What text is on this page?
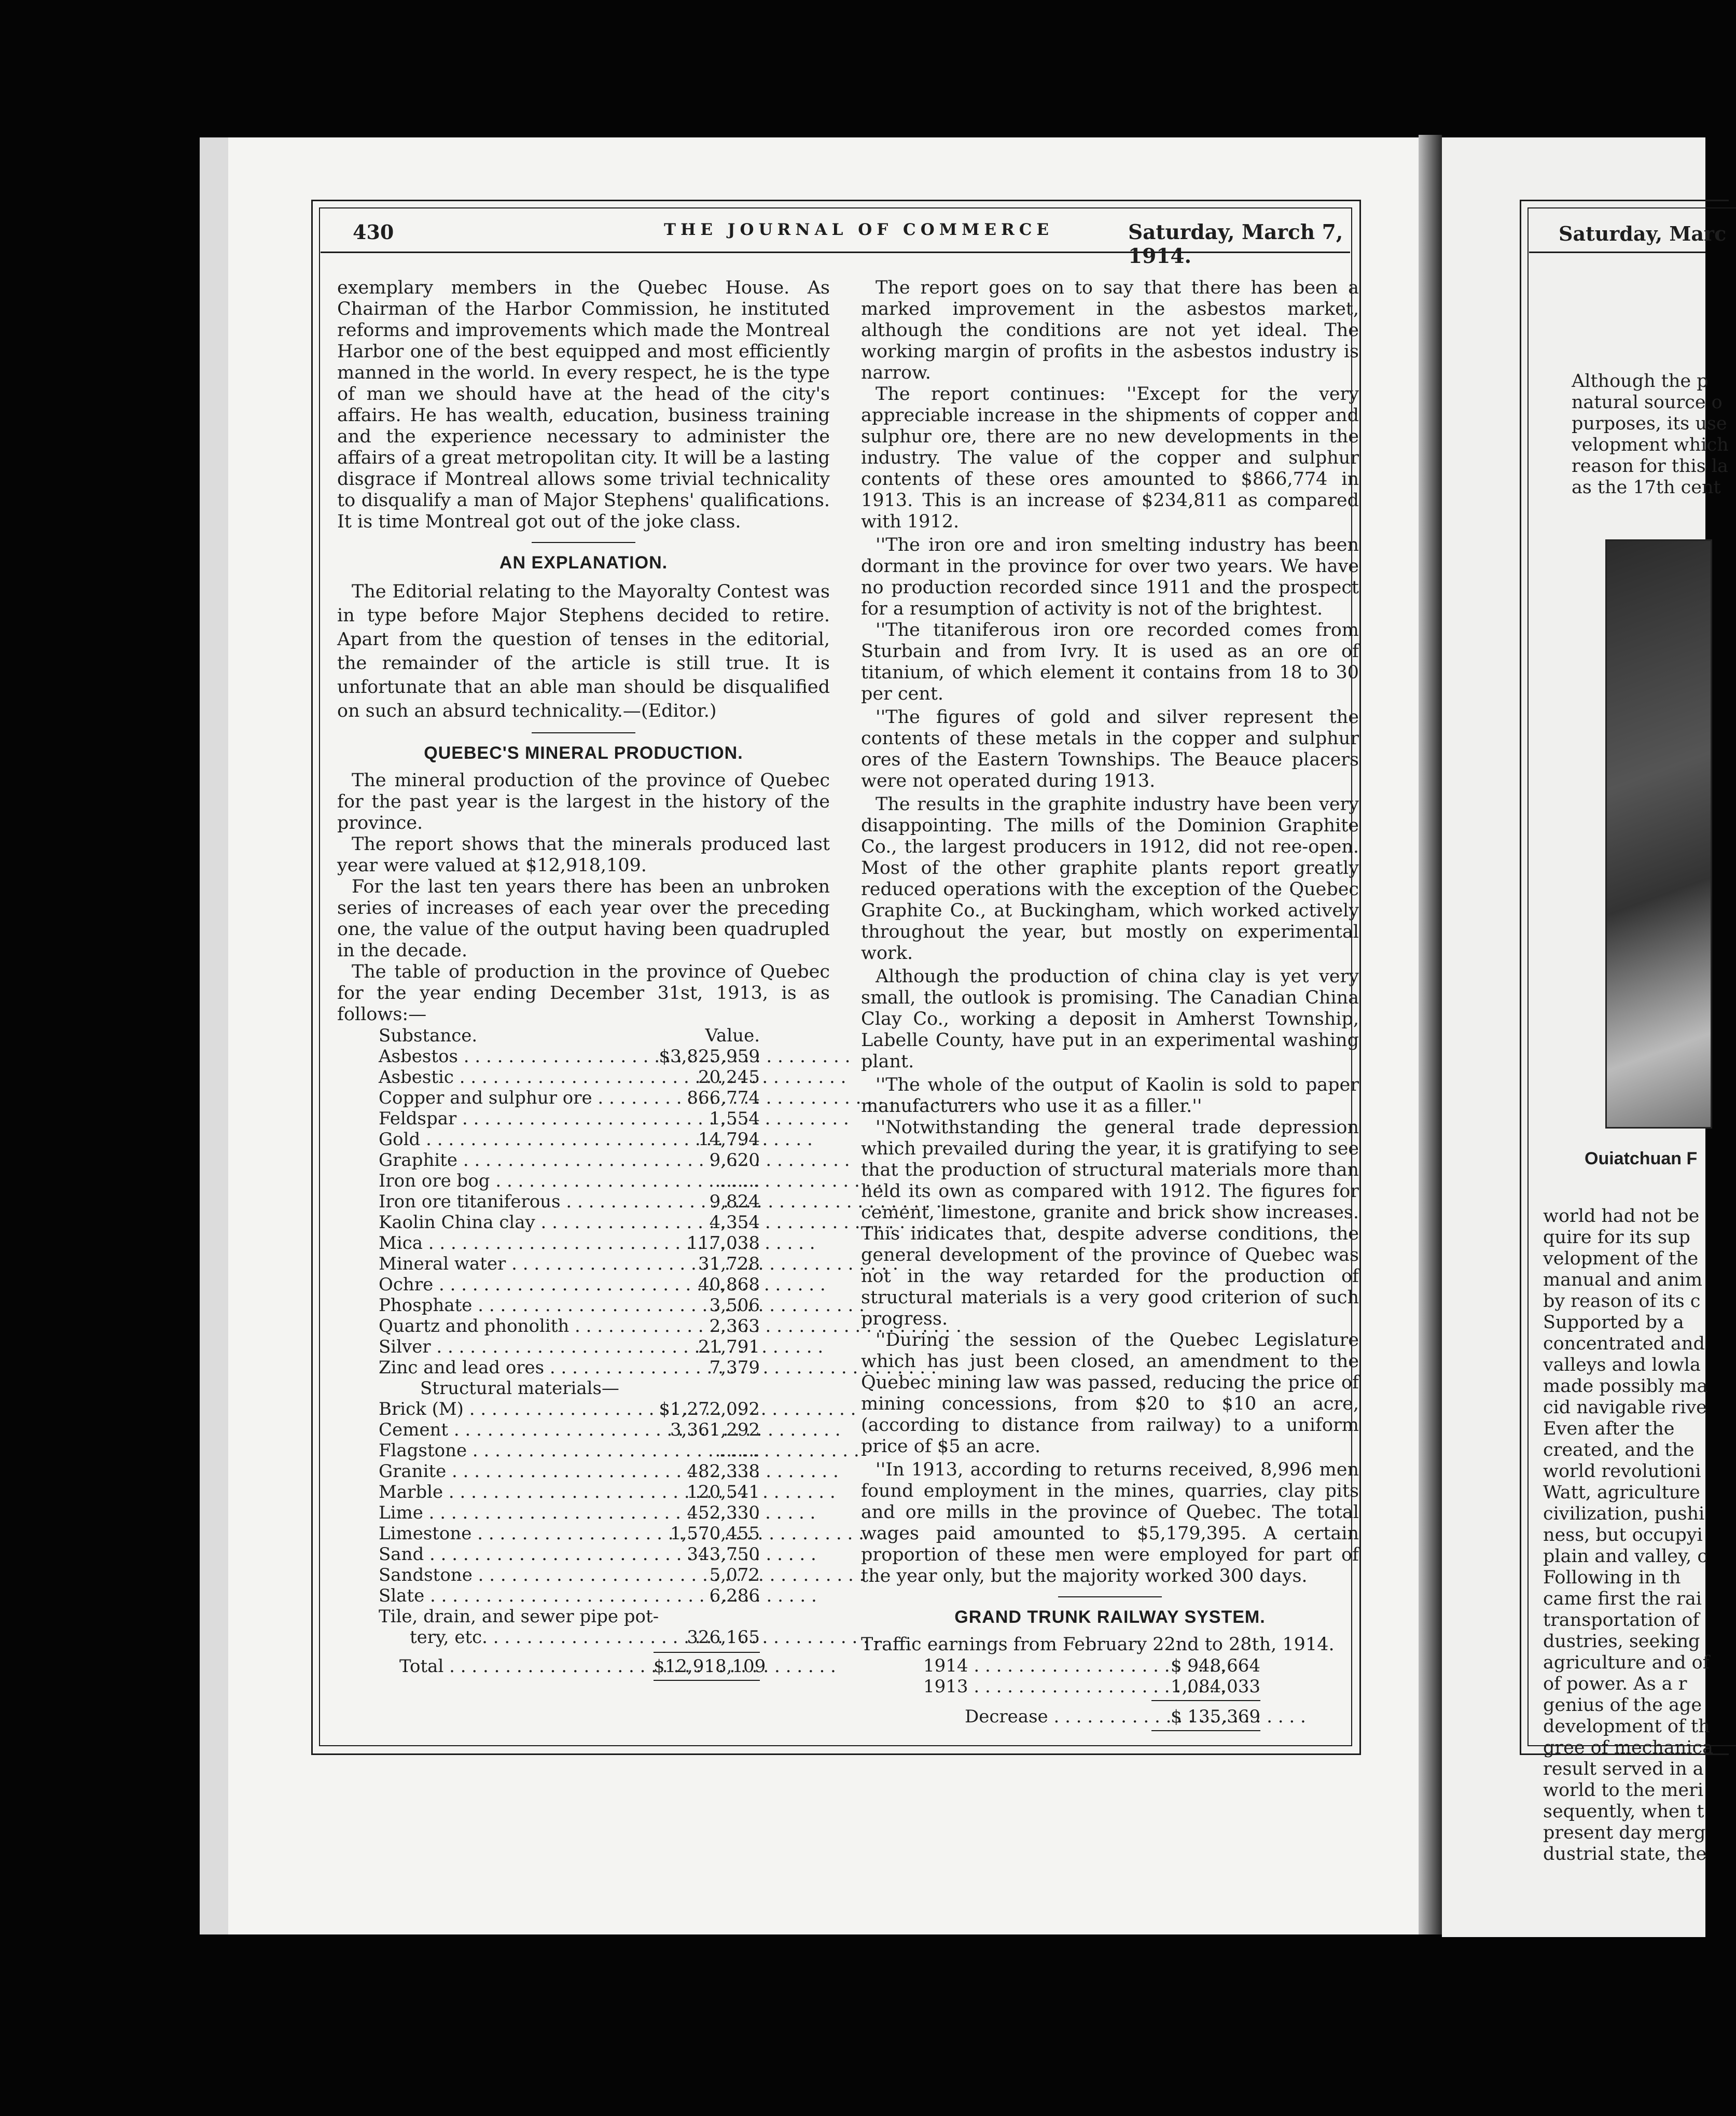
430	THE JOURNAL OF COMMERCE	Saturday, March 7, 1914.

exemplary members in the Quebec House. As Chairman of the Harbor Commission, he instituted reforms and improvements which made the Montreal Harbor one of the best equipped and most efficiently manned in the world. In every respect, he is the type of man we should have at the head of the city's affairs. He has wealth, education, business training and the experience necessary to administer the affairs of a great metropolitan city. It will be a lasting disgrace if Montreal allows some trivial technicality to disqualify a man of Major Stephens' qualifications. It is time Montreal got out of the joke class.

AN EXPLANATION.

The Editorial relating to the Mayoralty Contest was in type before Major Stephens decided to retire. Apart from the question of tenses in the editorial, the remainder of the article is still true. It is unfortunate that an able man should be disqualified on such an absurd technicality.—(Editor.)

QUEBEC'S MINERAL PRODUCTION.

The mineral production of the province of Quebec for the past year is the largest in the history of the province.

The report shows that the minerals produced last year were valued at $12,918,109.

For the last ten years there has been an unbroken series of increases of each year over the preceding one, the value of the output having been quadrupled in the decade.

The table of production in the province of Quebec for the year ending December 31st, 1913, is as follows:—

Substance.	Value.
Asbestos . . .	$3,825,959
Asbestic . . .	20,245
Copper and sulphur ore . . .	866,774
Feldspar . . .	1,554
Gold . . .	14,794
Graphite . . .	9,620
Iron ore bog . . .	........
Iron ore titaniferous . . .	9,824
Kaolin China clay . . .	4,354
Mica . . .	117,038
Mineral water . . .	31,728
Ochre . . .	40,868
Phosphate . . .	3,506
Quartz and phonolith . . .	2,363
Silver . . .	21,791
Zinc and lead ores . . .	7,379
Structural materials—
Brick (M) . . .	$1,272,092
Cement . . .	3,361,292
Flagstone . . .	........
Granite . . .	482,338
Marble . . .	120,541
Lime . . .	452,330
Limestone . . .	1,570,455
Sand . . .	343,750
Sandstone . . .	5,072
Slate . . .	6,286
Tile, drain, and sewer pipe pot-
tery, etc. . . .	326,165
Total . . .	$12,918,109

The report goes on to say that there has been a marked improvement in the asbestos market, although the conditions are not yet ideal. The working margin of profits in the asbestos industry is narrow.

The report continues: ''Except for the very appreciable increase in the shipments of copper and sulphur ore, there are no new developments in the industry. The value of the copper and sulphur contents of these ores amounted to $866,774 in 1913. This is an increase of $234,811 as compared with 1912.

''The iron ore and iron smelting industry has been dormant in the province for over two years. We have no production recorded since 1911 and the prospect for a resumption of activity is not of the brightest.

''The titaniferous iron ore recorded comes from Sturbain and from Ivry. It is used as an ore of titanium, of which element it contains from 18 to 30 per cent.

''The figures of gold and silver represent the contents of these metals in the copper and sulphur ores of the Eastern Townships. The Beauce placers were not operated during 1913.

The results in the graphite industry have been very disappointing. The mills of the Dominion Graphite Co., the largest producers in 1912, did not ree-open. Most of the other graphite plants report greatly reduced operations with the exception of the Quebec Graphite Co., at Buckingham, which worked actively throughout the year, but mostly on experimental work.

Although the production of china clay is yet very small, the outlook is promising. The Canadian China Clay Co., working a deposit in Amherst Township, Labelle County, have put in an experimental washing plant.

''The whole of the output of Kaolin is sold to paper manufacturers who use it as a filler.''

''Notwithstanding the general trade depression which prevailed during the year, it is gratifying to see that the production of structural materials more than held its own as compared with 1912. The figures for cement, limestone, granite and brick show increases. This indicates that, despite adverse conditions, the general development of the province of Quebec was not in the way retarded for the production of structural materials is a very good criterion of such progress.

''During the session of the Quebec Legislature which has just been closed, an amendment to the Quebec mining law was passed, reducing the price of mining concessions, from $20 to $10 an acre, (according to distance from railway) to a uniform price of $5 an acre.

''In 1913, according to returns received, 8,996 men found employment in the mines, quarries, clay pits and ore mills in the province of Quebec. The total wages paid amounted to $5,179,395. A certain proportion of these men were employed for part of the year only, but the majority worked 300 days.

GRAND TRUNK RAILWAY SYSTEM.

Traffic earnings from February 22nd to 28th, 1914.

1914 . . .	$ 948,664
1913 . . .	1,084,033
Decrease . . .	$ 135,369
Saturday, Marc
Although the p
natural source o
purposes, its use
velopment which
reason for this la
as the 17th cent
Ouiatchuan F
world had not be
quire for its sup
velopment of the
manual and anim
by reason of its c
Supported by a
concentrated and
valleys and lowla
made possibly ma
cid navigable rive
Even after the
created, and the
world revolutioni
Watt, agriculture
civilization, pushi
ness, but occupyi
plain and valley, c
Following in th
came first the rai
transportation of
dustries, seeking
agriculture and of
of power. As a r
genius of the age
development of th
gree of mechanica
result served in a
world to the meri
sequently, when t
present day merg
dustrial state, the
